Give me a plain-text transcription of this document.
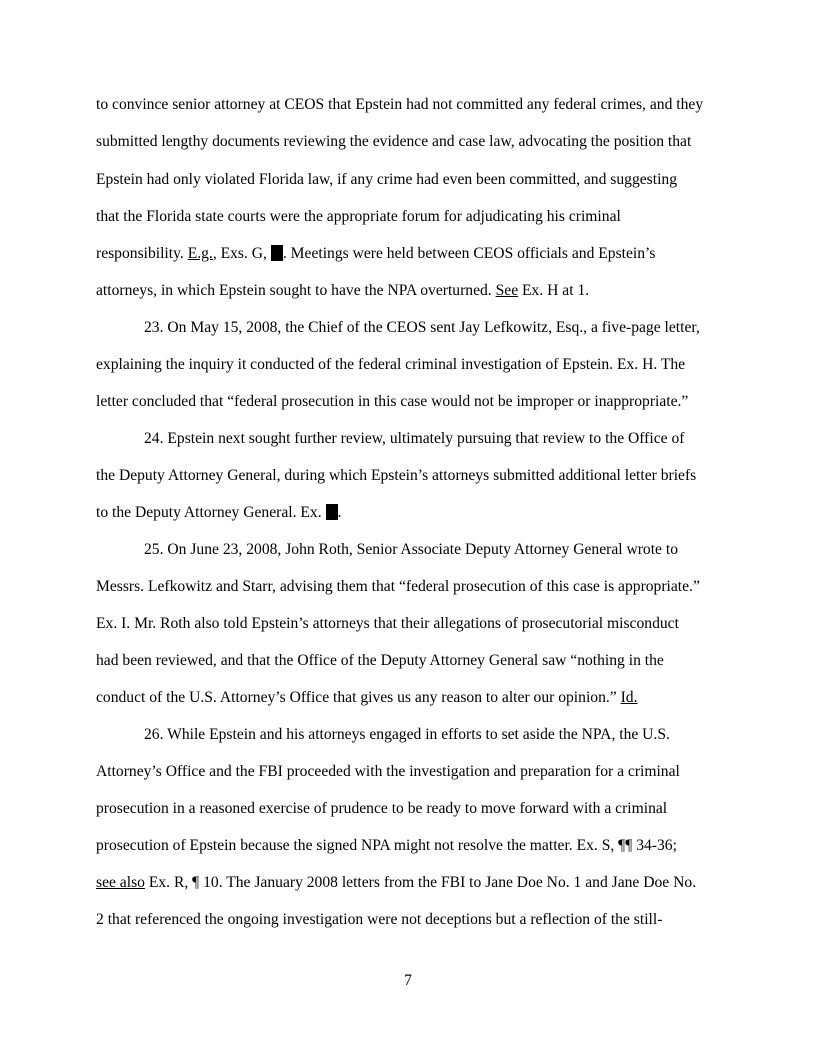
to convince senior attorney at CEOS that Epstein had not committed any federal crimes, and they
submitted lengthy documents reviewing the evidence and case law, advocating the position that
Epstein had only violated Florida law, if any crime had even been committed, and suggesting
that the Florida state courts were the appropriate forum for adjudicating his criminal
responsibility. E.g., Exs. G, . Meetings were held between CEOS officials and Epstein’s
attorneys, in which Epstein sought to have the NPA overturned. See Ex. H at 1.
23. On May 15, 2008, the Chief of the CEOS sent Jay Lefkowitz, Esq., a five-page letter,
explaining the inquiry it conducted of the federal criminal investigation of Epstein. Ex. H. The
letter concluded that “federal prosecution in this case would not be improper or inappropriate.”
24. Epstein next sought further review, ultimately pursuing that review to the Office of
the Deputy Attorney General, during which Epstein’s attorneys submitted additional letter briefs
to the Deputy Attorney General. Ex. .
25. On June 23, 2008, John Roth, Senior Associate Deputy Attorney General wrote to
Messrs. Lefkowitz and Starr, advising them that “federal prosecution of this case is appropriate.”
Ex. I. Mr. Roth also told Epstein’s attorneys that their allegations of prosecutorial misconduct
had been reviewed, and that the Office of the Deputy Attorney General saw “nothing in the
conduct of the U.S. Attorney’s Office that gives us any reason to alter our opinion.” Id.
26. While Epstein and his attorneys engaged in efforts to set aside the NPA, the U.S.
Attorney’s Office and the FBI proceeded with the investigation and preparation for a criminal
prosecution in a reasoned exercise of prudence to be ready to move forward with a criminal
prosecution of Epstein because the signed NPA might not resolve the matter. Ex. S, ¶¶ 34-36;
see also Ex. R, ¶ 10. The January 2008 letters from the FBI to Jane Doe No. 1 and Jane Doe No.
2 that referenced the ongoing investigation were not deceptions but a reflection of the still-
7
